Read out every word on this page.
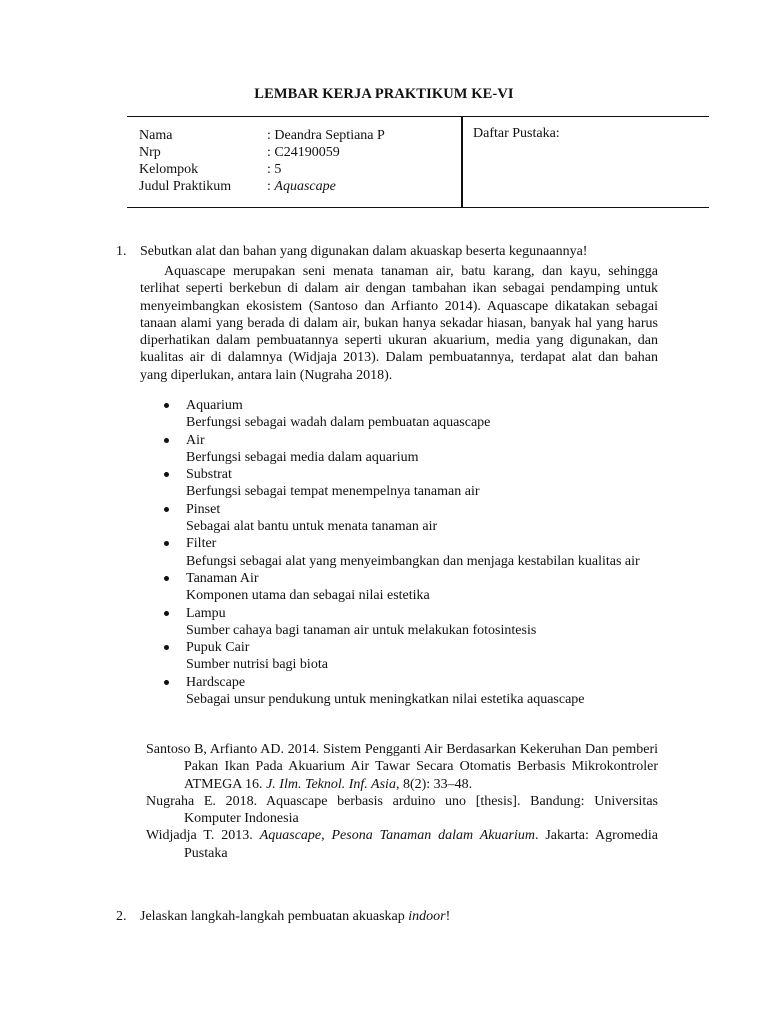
LEMBAR KERJA PRAKTIKUM KE-VI
Nama	: Deandra Septiana P
Nrp	: C24190059
Kelompok	: 5
Judul Praktikum	: Aquascape
Daftar Pustaka:
1. Sebutkan alat dan bahan yang digunakan dalam akuaskap beserta kegunaannya!

Aquascape merupakan seni menata tanaman air, batu karang, dan kayu, sehingga terlihat seperti berkebun di dalam air dengan tambahan ikan sebagai pendamping untuk menyeimbangkan ekosistem (Santoso dan Arfianto 2014). Aquascape dikatakan sebagai tanaan alami yang berada di dalam air, bukan hanya sekadar hiasan, banyak hal yang harus diperhatikan dalam pembuatannya seperti ukuran akuarium, media yang digunakan, dan kualitas air di dalamnya (Widjaja 2013). Dalam pembuatannya, terdapat alat dan bahan yang diperlukan, antara lain (Nugraha 2018).

Aquarium
Berfungsi sebagai wadah dalam pembuatan aquascape
Air
Berfungsi sebagai media dalam aquarium
Substrat
Berfungsi sebagai tempat menempelnya tanaman air
Pinset
Sebagai alat bantu untuk menata tanaman air
Filter
Befungsi sebagai alat yang menyeimbangkan dan menjaga kestabilan kualitas air
Tanaman Air
Komponen utama dan sebagai nilai estetika
Lampu
Sumber cahaya bagi tanaman air untuk melakukan fotosintesis
Pupuk Cair
Sumber nutrisi bagi biota
Hardscape
Sebagai unsur pendukung untuk meningkatkan nilai estetika aquascape

Santoso B, Arfianto AD. 2014. Sistem Pengganti Air Berdasarkan Kekeruhan Dan pemberi Pakan Ikan Pada Akuarium Air Tawar Secara Otomatis Berbasis Mikrokontroler ATMEGA 16. J. Ilm. Teknol. Inf. Asia, 8(2): 33–48.

Nugraha E. 2018. Aquascape berbasis arduino uno [thesis]. Bandung: Universitas Komputer Indonesia

Widjadja T. 2013. Aquascape, Pesona Tanaman dalam Akuarium. Jakarta: Agromedia Pustaka

2. Jelaskan langkah-langkah pembuatan akuaskap indoor!
